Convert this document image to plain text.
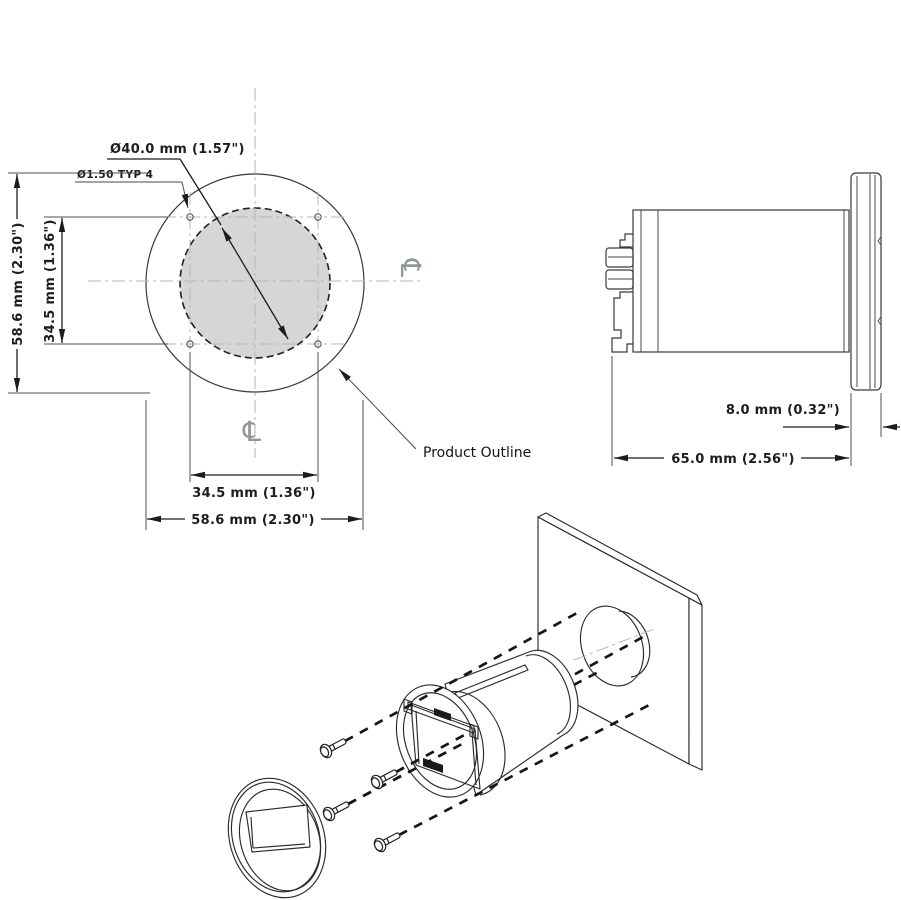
℄
℄
Ø40.0 mm (1.57")
Ø1.50 TYP 4
58.6 mm (2.30") 34.5 mm (1.36")
34.5 mm (1.36")
58.6 mm (2.30")
Product Outline
8.0 mm (0.32")
65.0 mm (2.56")
